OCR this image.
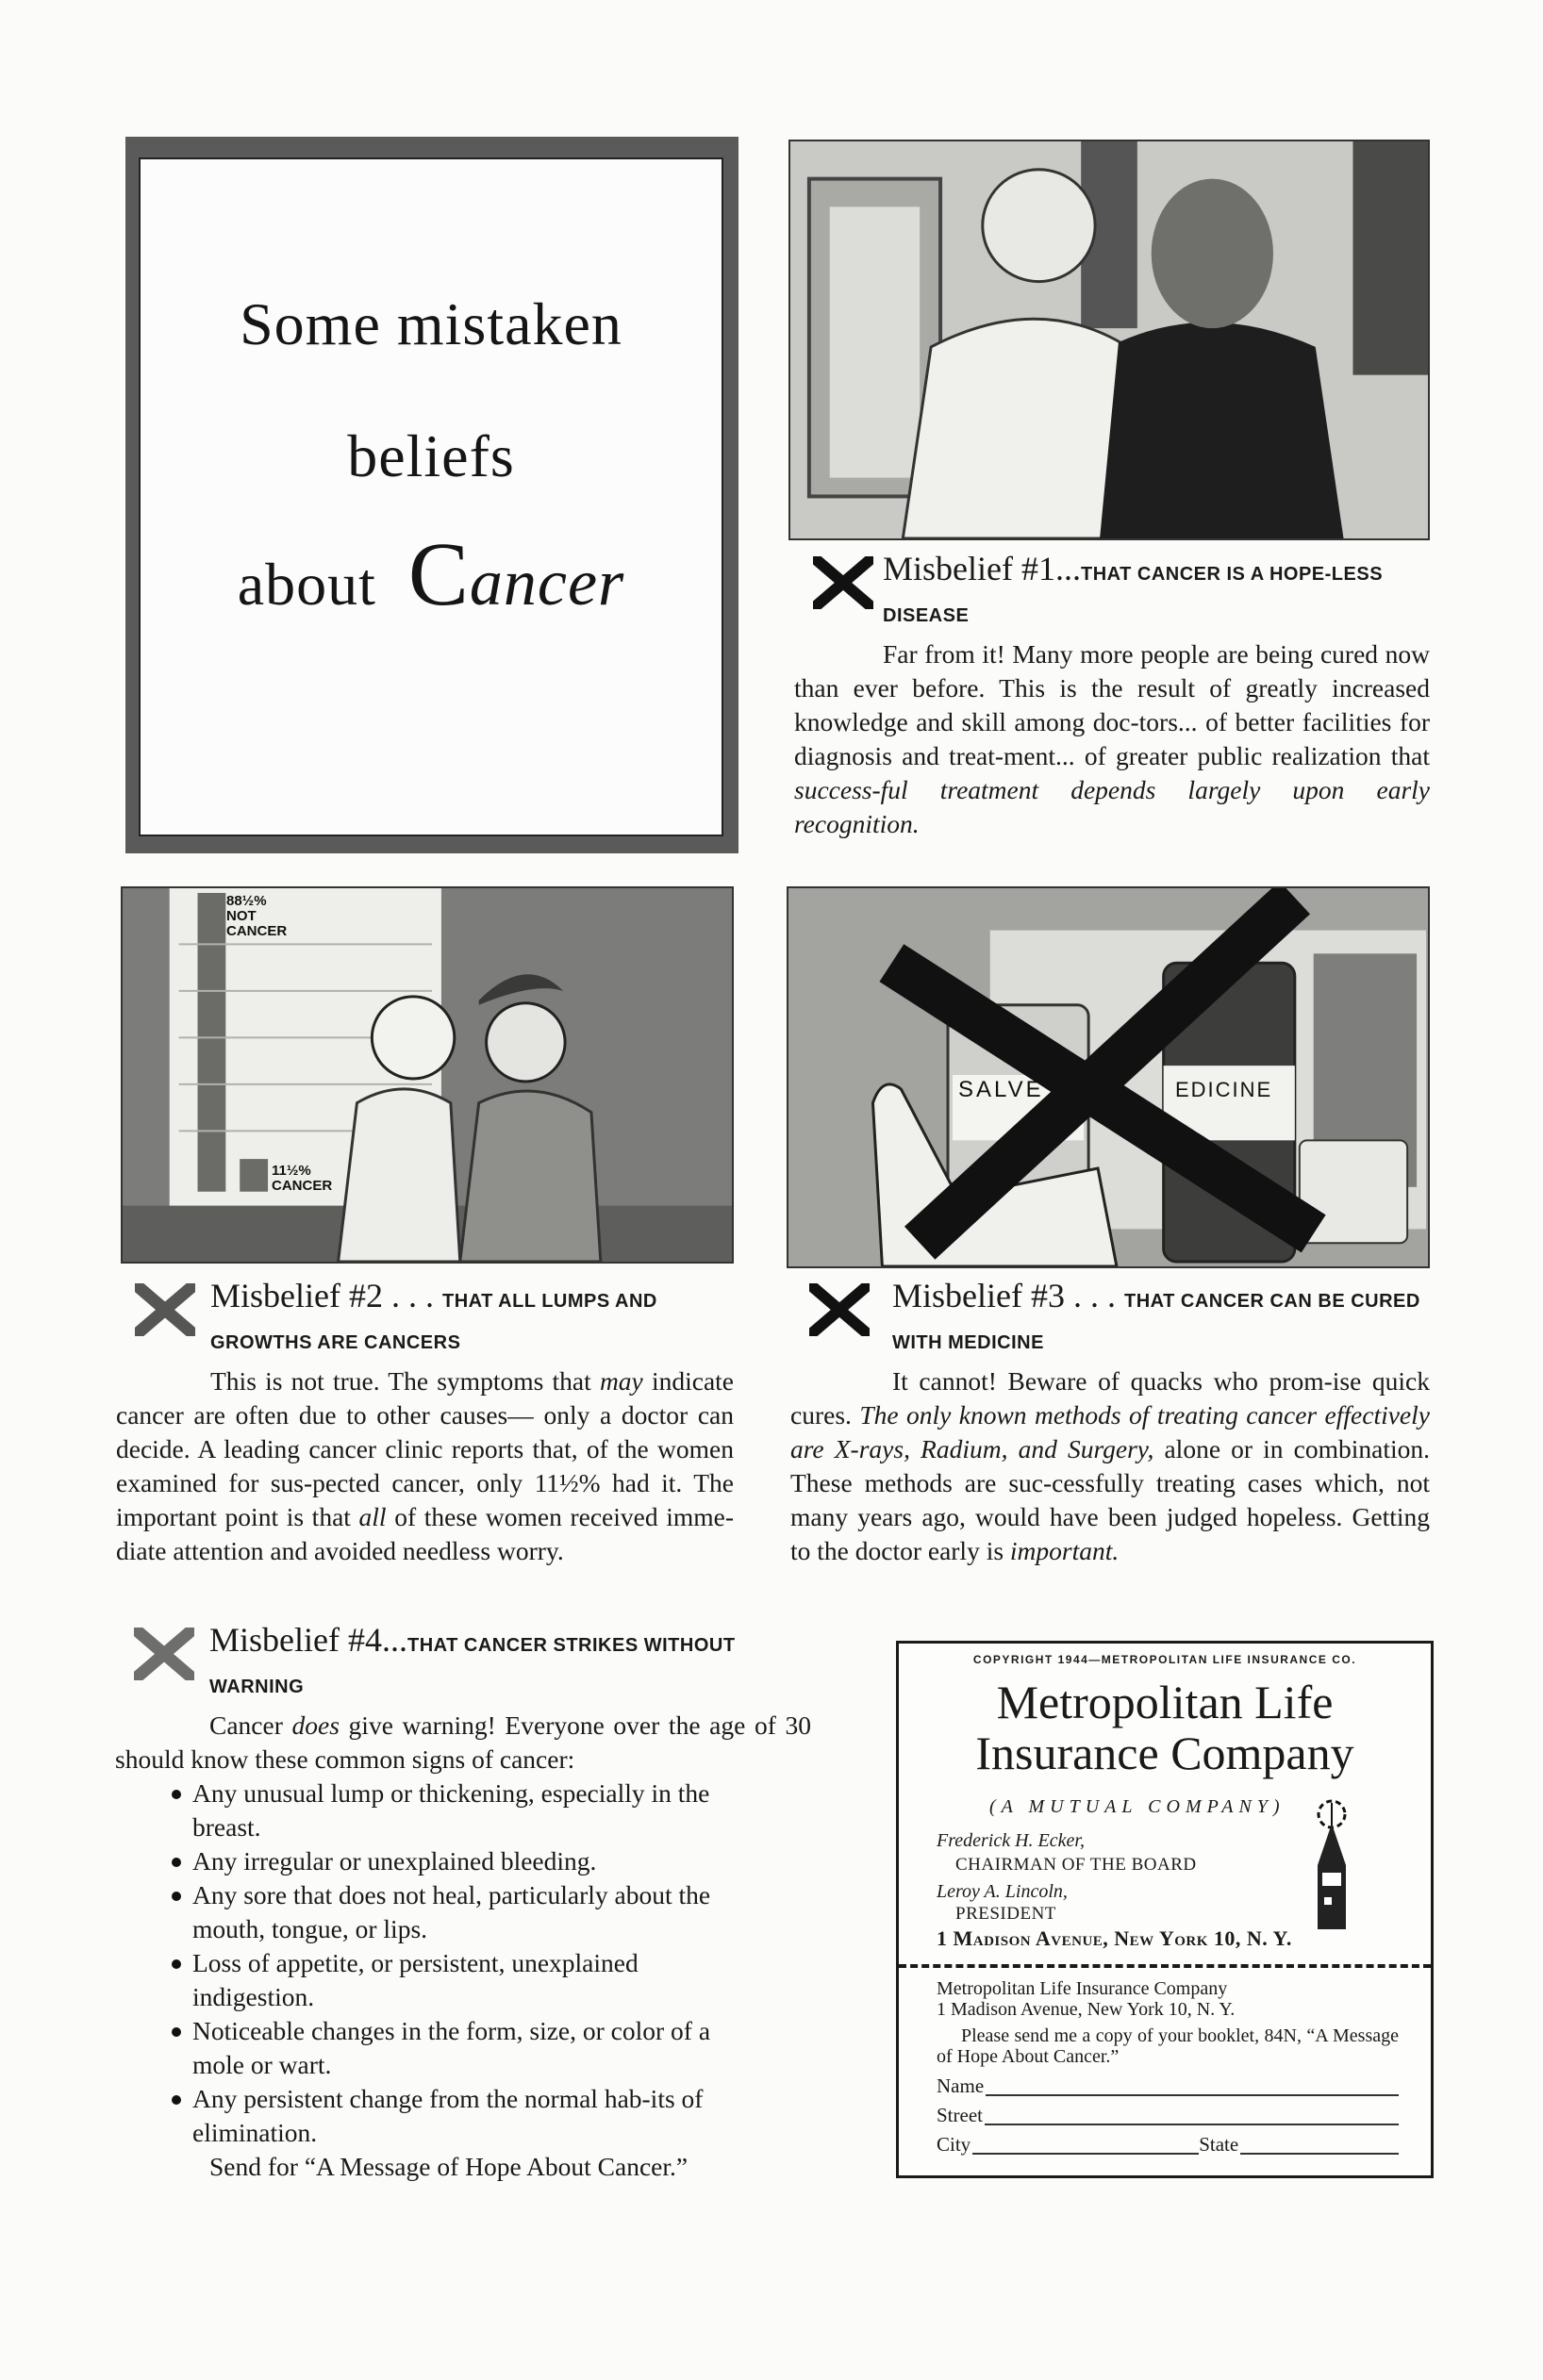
Some mistaken
beliefs
about Cancer	Misbelief #1...THAT CANCER IS A HOPE-LESS DISEASE
Far from it! Many more people are being cured now than ever before. This is the result of greatly increased knowledge and skill among doc-tors... of better facilities for diagnosis and treat-ment... of greater public realization that success-ful treatment depends largely upon early recognition.
88½%
NOT
CANCER
11½%
CANCER
SALVE	EDICINE
Misbelief #2 . . . THAT ALL LUMPS AND GROWTHS ARE CANCERS
This is not true. The symptoms that may indicate cancer are often due to other causes— only a doctor can decide. A leading cancer clinic reports that, of the women examined for sus-pected cancer, only 11½% had it. The important point is that all of these women received imme-diate attention and avoided needless worry.
Misbelief #3 . . . THAT CANCER CAN BE CURED WITH MEDICINE
It cannot! Beware of quacks who prom-ise quick cures. The only known methods of treating cancer effectively are X-rays, Radium, and Surgery, alone or in combination. These methods are suc-cessfully treating cases which, not many years ago, would have been judged hopeless. Getting to the doctor early is important.
Misbelief #4...THAT CANCER STRIKES WITHOUT WARNING
Cancer does give warning! Everyone over the age of 30 should know these common signs of cancer:
Any unusual lump or thickening, especially in the breast.
Any irregular or unexplained bleeding.
Any sore that does not heal, particularly about the mouth, tongue, or lips.
Loss of appetite, or persistent, unexplained indigestion.
Noticeable changes in the form, size, or color of a mole or wart.
Any persistent change from the normal hab-its of elimination.
Send for “A Message of Hope About Cancer.”
COPYRIGHT 1944—METROPOLITAN LIFE INSURANCE CO.
Metropolitan Life
Insurance Company
(A MUTUAL COMPANY)
Frederick H. Ecker,
CHAIRMAN OF THE BOARD
Leroy A. Lincoln,
PRESIDENT
1 Madison Avenue, New York 10, N. Y.
Metropolitan Life Insurance Company
1 Madison Avenue, New York 10, N. Y.
Please send me a copy of your booklet, 84N, “A Message of Hope About Cancer.”
Name
Street
City	State
